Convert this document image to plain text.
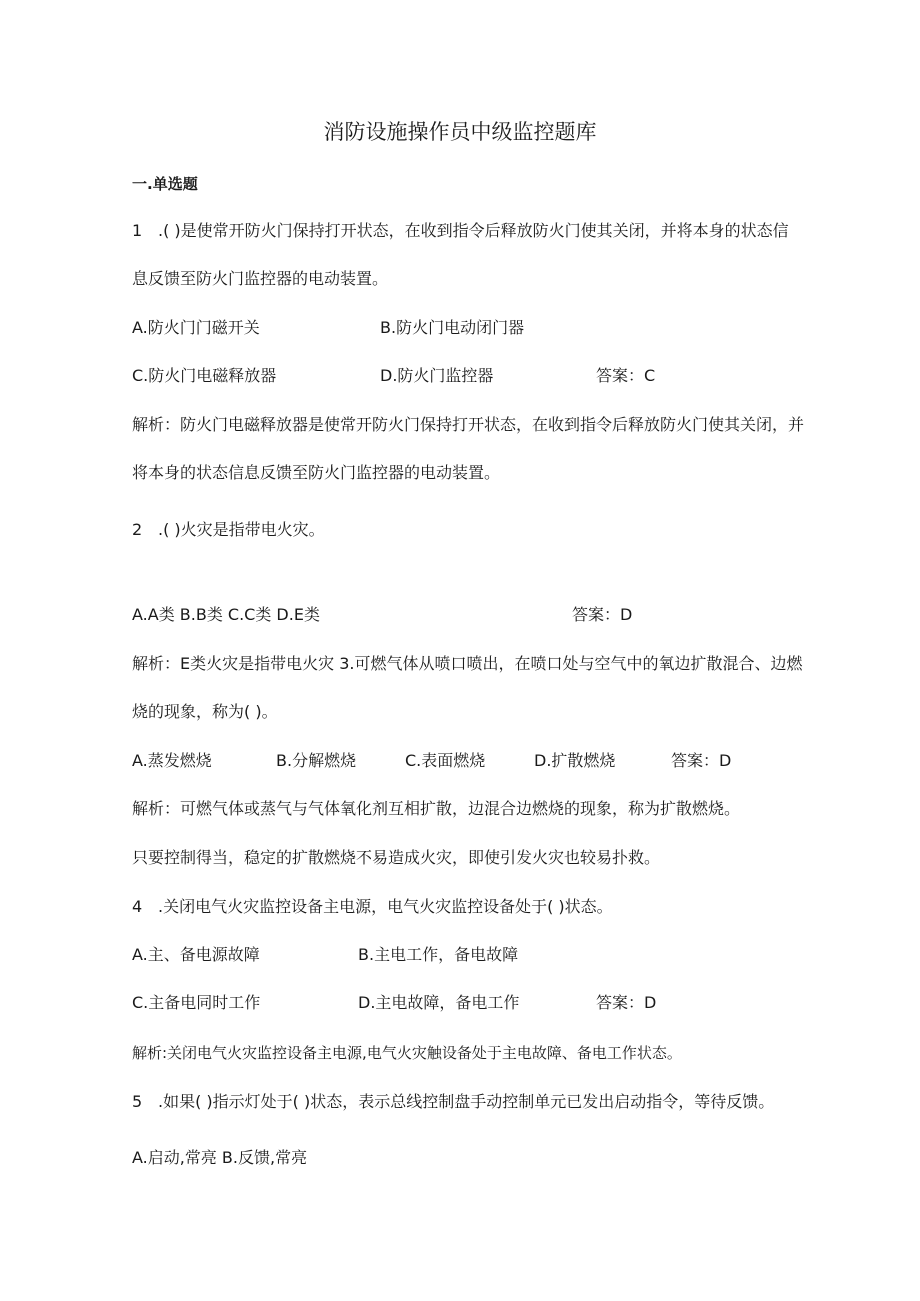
消防设施操作员中级监控题库
一.单选题
1 .( )是使常开防火门保持打开状态，在收到指令后释放防火门使其关闭，并将本身的状态信
息反馈至防火门监控器的电动装置。
A.防火门门磁开关	B.防火门电动闭门器
C.防火门电磁释放器	D.防火门监控器	答案：C
解析：防火门电磁释放器是使常开防火门保持打开状态，在收到指令后释放防火门使其关闭，并
将本身的状态信息反馈至防火门监控器的电动装置。
2 .( )火灾是指带电火灾。
A.A类 B.B类 C.C类 D.E类	答案：D
解析：E类火灾是指带电火灾 3.可燃气体从喷口喷出，在喷口处与空气中的氧边扩散混合、边燃
烧的现象，称为( )。
A.蒸发燃烧	B.分解燃烧	C.表面燃烧	D.扩散燃烧	答案：D
解析：可燃气体或蒸气与气体氧化剂互相扩散，边混合边燃烧的现象，称为扩散燃烧。
只要控制得当，稳定的扩散燃烧不易造成火灾，即使引发火灾也较易扑救。
4 .关闭电气火灾监控设备主电源，电气火灾监控设备处于( )状态。
A.主、备电源故障	B.主电工作，备电故障
C.主备电同时工作	D.主电故障，备电工作	答案：D
解析:关闭电气火灾监控设备主电源,电气火灾触设备处于主电故障、备电工作状态。
5 .如果( )指示灯处于( )状态，表示总线控制盘手动控制单元已发出启动指令，等待反馈。
A.启动,常亮 B.反馈,常亮
